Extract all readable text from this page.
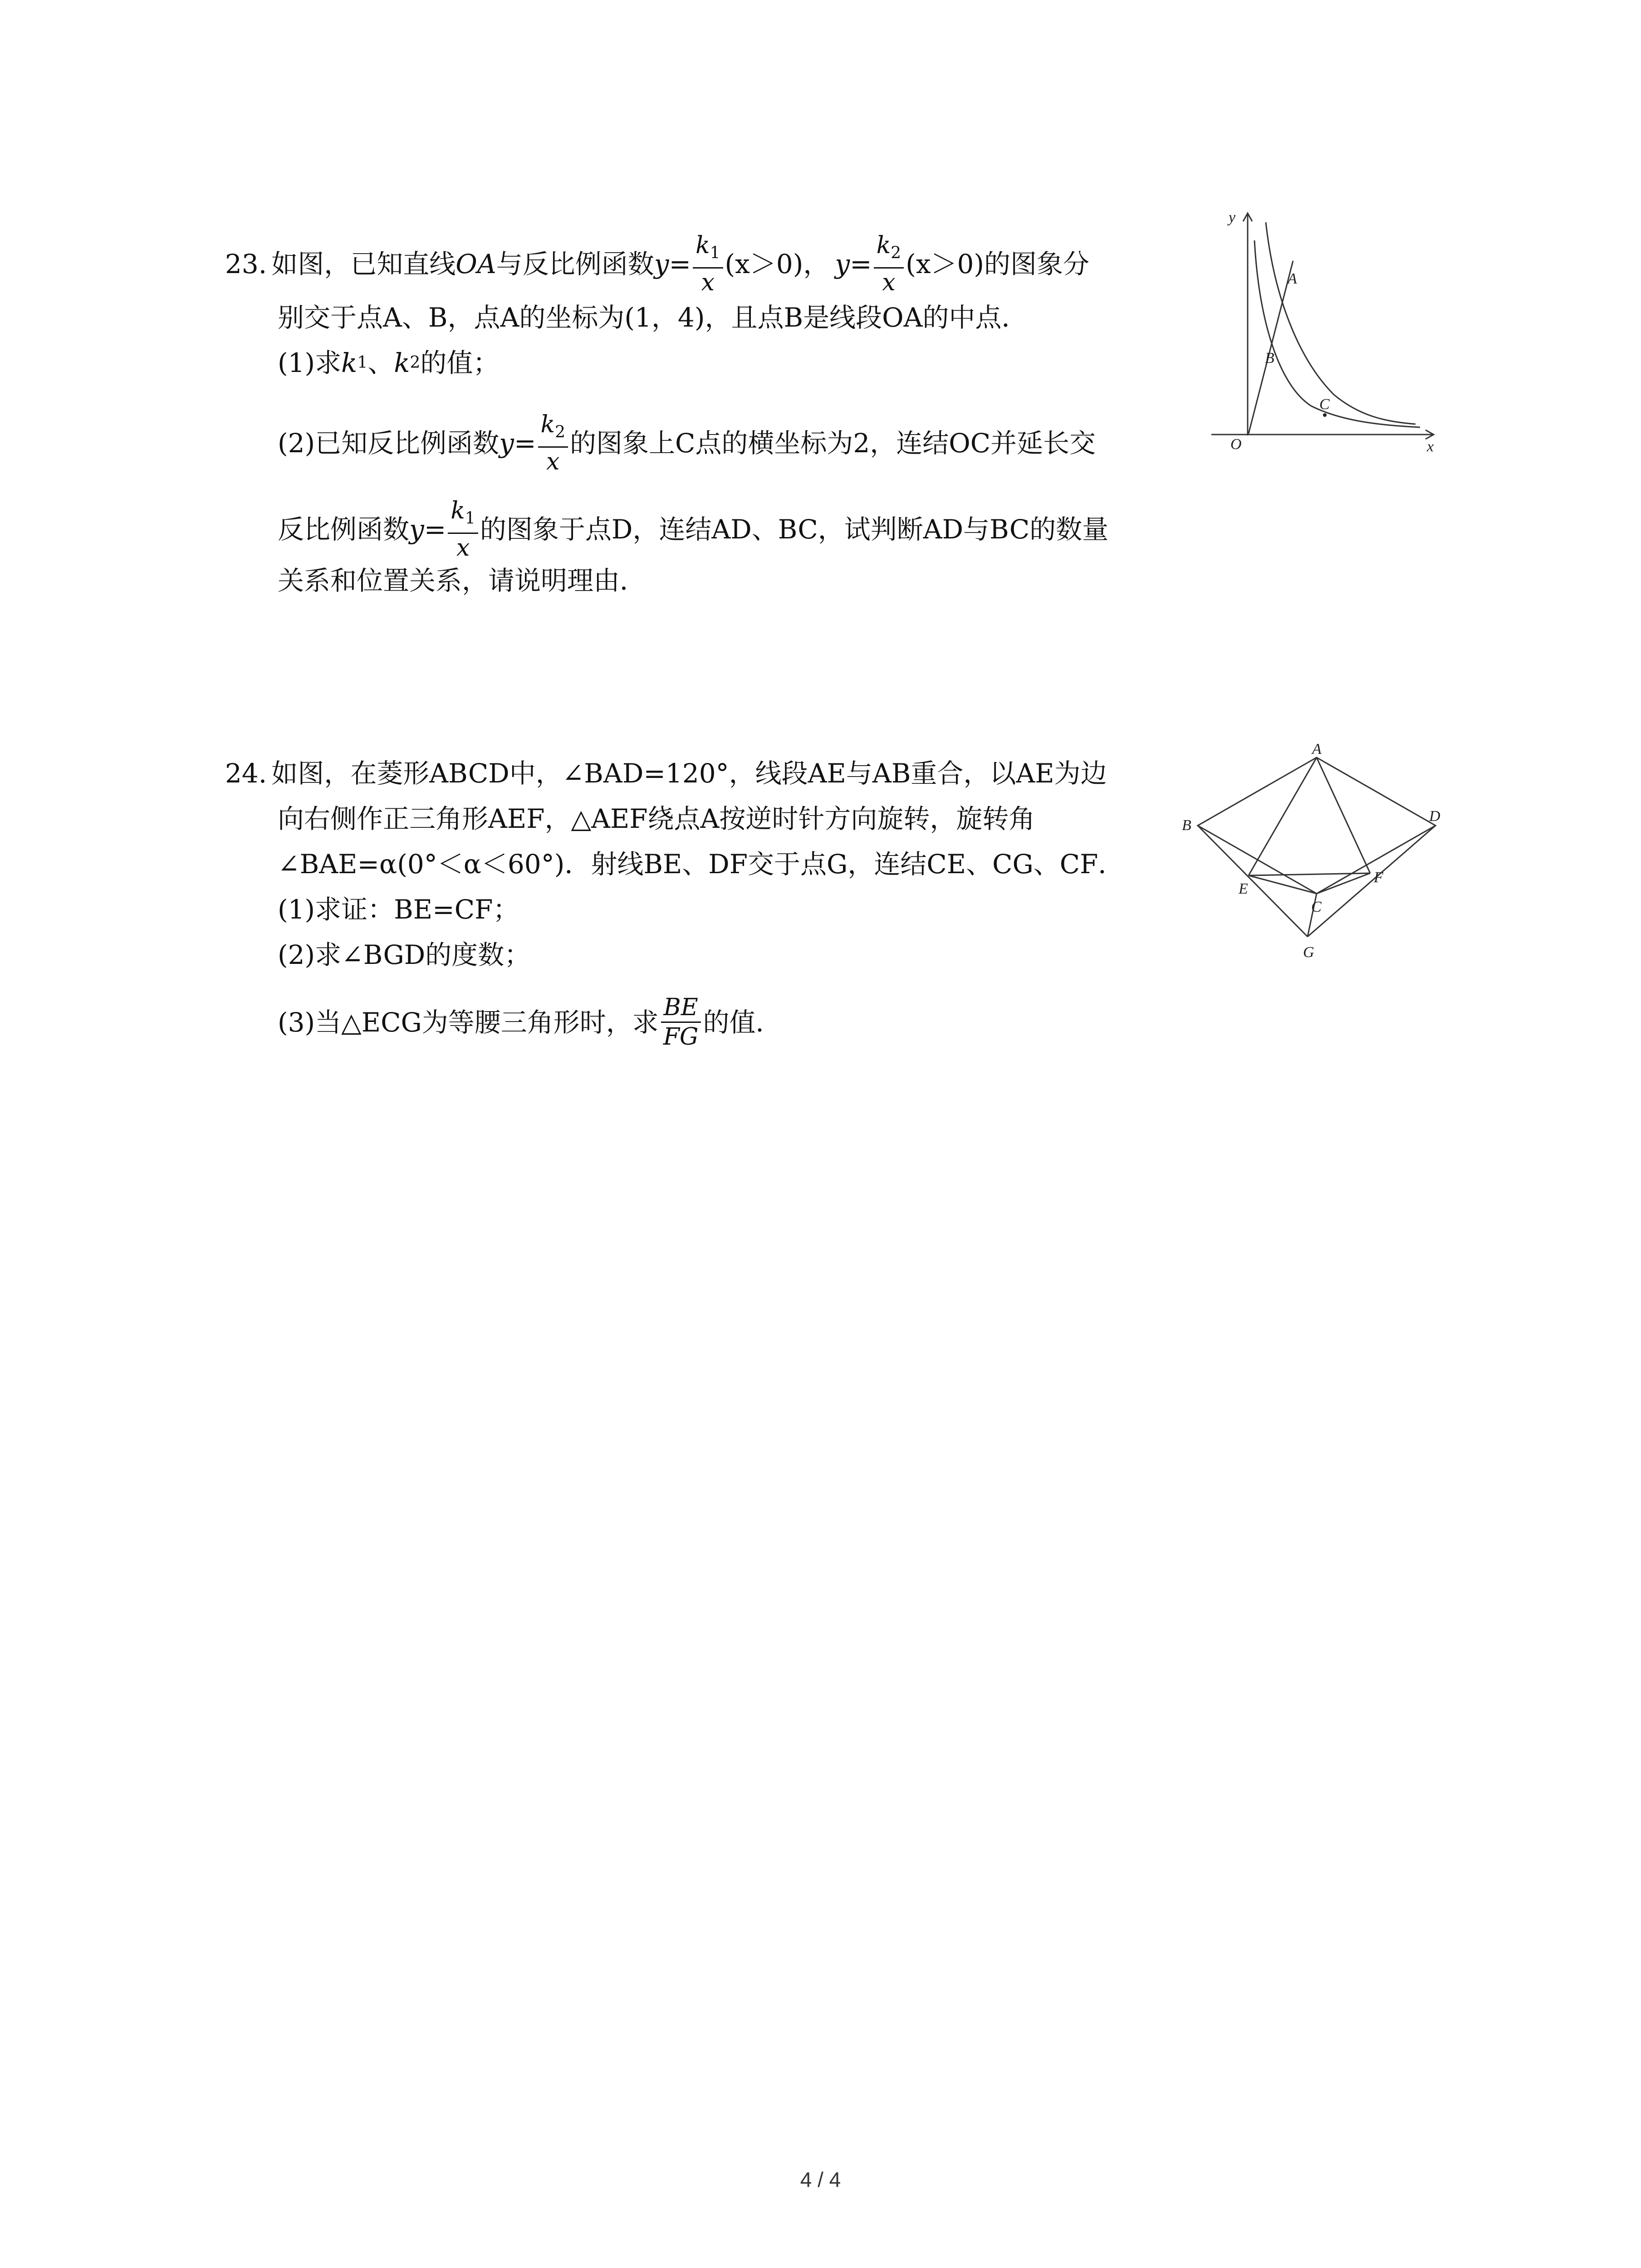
23. 如图，已知直线 OA 与反比例函数 $y= \frac{k_1}{x} (x>0)$， $y= \frac{k_2}{x} (x>0)$的图象分
别交于点A、B，点A的坐标为(1，4)，且点B是线段OA的中点．
(1)求 k 1 、 k 2 的值；
(2)已知反比例函数 $y= \frac{k_2}{x}$ 的图象上C点的横坐标为2，连结OC并延长交
反比例函数 $y= \frac{k_1}{x}$ 的图象于点D，连结AD、BC，试判断AD与BC的数量
关系和位置关系，请说明理由．
y
x
O
A
B
C
24. 如图，在菱形ABCD中，∠BAD=120°，线段AE与AB重合，以AE为边
向右侧作正三角形AEF，△AEF绕点A按逆时针方向旋转，旋转角
∠BAE=α(0°＜α＜60°)．射线BE、DF交于点G，连结CE、CG、CF．
(1)求证：BE=CF；
(2)求∠BGD的度数；
(3)当△ECG为等腰三角形时，求 $\frac{BE}{FG}$ 的值．
A
B
C
D
E
F
G
4 / 4
